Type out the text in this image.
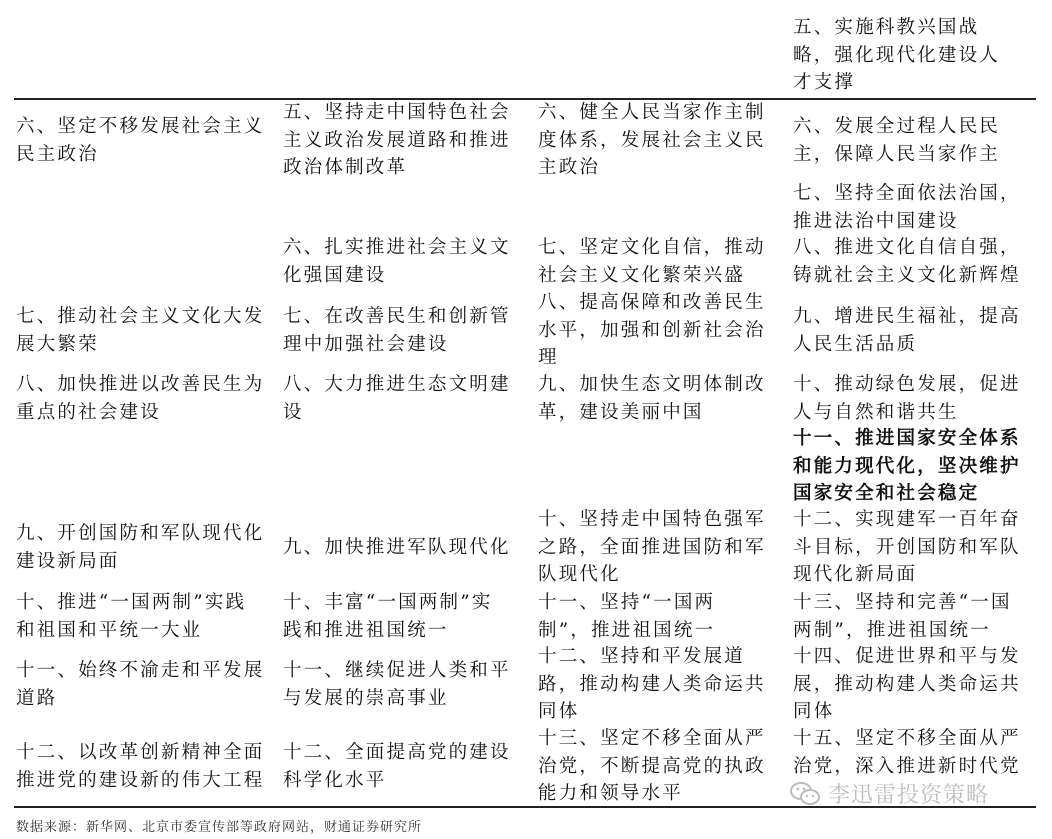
五、实施科教兴国战
略，强化现代化建设人
才支撑
六、坚定不移发展社会主义
民主政治
五、坚持走中国特色社会
主义政治发展道路和推进
政治体制改革
六、健全人民当家作主制
度体系，发展社会主义民
主政治
六、发展全过程人民民
主，保障人民当家作主
七、坚持全面依法治国，
推进法治中国建设
六、扎实推进社会主义文
化强国建设
七、坚定文化自信，推动
社会主义文化繁荣兴盛
八、推进文化自信自强，
铸就社会主义文化新辉煌
七、推动社会主义文化大发
展大繁荣
七、在改善民生和创新管
理中加强社会建设
八、提高保障和改善民生
水平，加强和创新社会治
理
九、增进民生福祉，提高
人民生活品质
八、加快推进以改善民生为
重点的社会建设
八、大力推进生态文明建
设
九、加快生态文明体制改
革，建设美丽中国
十、推动绿色发展，促进
人与自然和谐共生
十一、推进国家安全体系
和能力现代化，坚决维护
国家安全和社会稳定
九、开创国防和军队现代化
建设新局面
九、加快推进军队现代化
十、坚持走中国特色强军
之路，全面推进国防和军
队现代化
十二、实现建军一百年奋
斗目标，开创国防和军队
现代化新局面
十、推进“一国两制”实践
和祖国和平统一大业
十、丰富“一国两制”实
践和推进祖国统一
十一、坚持“一国两
制”，推进祖国统一
十三、坚持和完善“一国
两制”，推进祖国统一
十一、始终不渝走和平发展
道路
十一、继续促进人类和平
与发展的崇高事业
十二、坚持和平发展道
路，推动构建人类命运共
同体
十四、促进世界和平与发
展，推动构建人类命运共
同体
十二、以改革创新精神全面
推进党的建设新的伟大工程
十二、全面提高党的建设
科学化水平
十三、坚定不移全面从严
治党，不断提高党的执政
能力和领导水平
十五、坚定不移全面从严
治党，深入推进新时代党
数据来源：新华网、北京市委宣传部等政府网站，财通证券研究所
李迅雷投资策略
